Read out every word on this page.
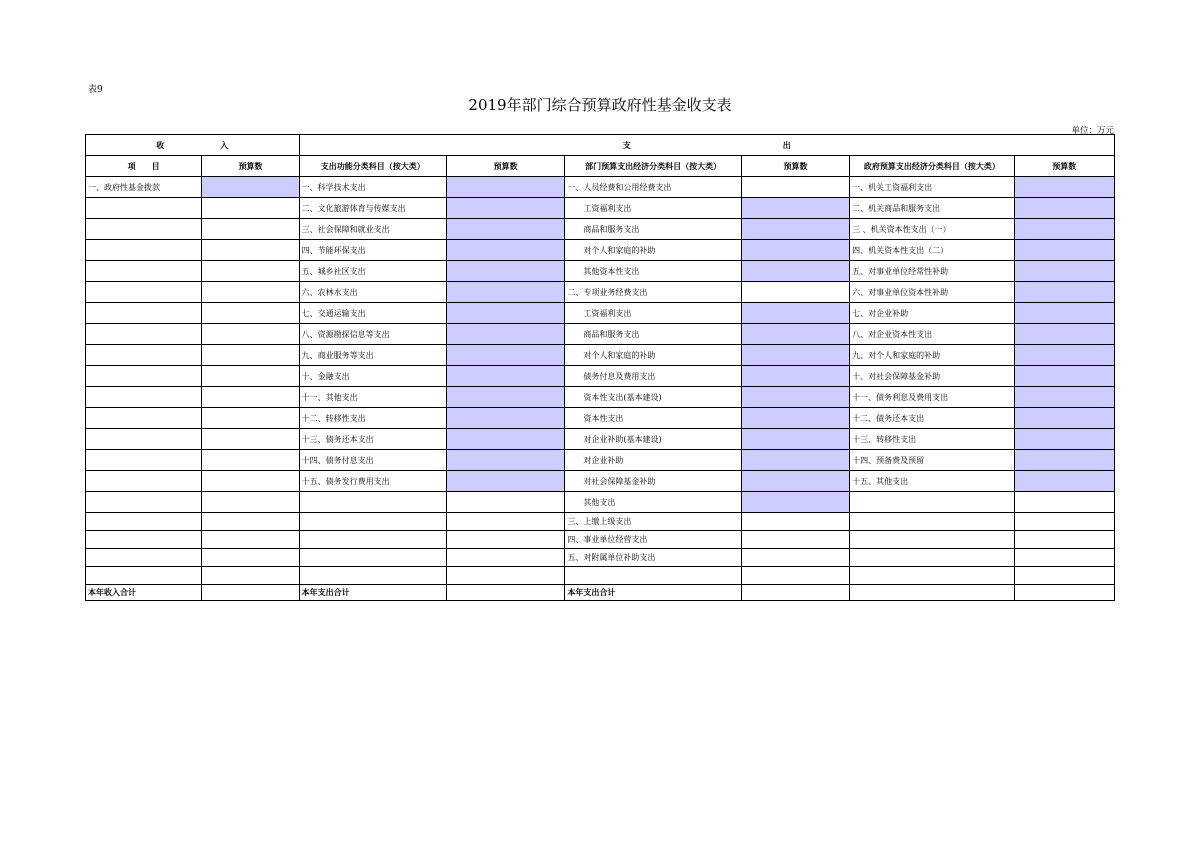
表9
2019年部门综合预算政府性基金收支表
单位：万元
收　　　　　　　入		支　　　　　　　　　　　　　　　　　　　出					
项　　目	预算数	支出功能分类科目（按大类）	预算数	部门预算支出经济分类科目（按大类）	预算数	政府预算支出经济分类科目（按大类）	预算数
一、政府性基金拨款		一、科学技术支出		一、人员经费和公用经费支出		一、机关工资福利支出	
		二、文化旅游体育与传媒支出		工资福利支出		二、机关商品和服务支出	
		三、社会保障和就业支出		商品和服务支出		三 、机关资本性支出（一）	
		四、节能环保支出		对个人和家庭的补助		四、机关资本性支出（二）	
		五、城乡社区支出		其他资本性支出		五、对事业单位经常性补助	
		六、农林水支出		二、专项业务经费支出		六、对事业单位资本性补助	
		七、交通运输支出		工资福利支出		七、对企业补助	
		八、资源勘探信息等支出		商品和服务支出		八、对企业资本性支出	
		九、商业服务等支出		对个人和家庭的补助		九、对个人和家庭的补助	
		十、金融支出		债务付息及费用支出		十、对社会保障基金补助	
		十一、其他支出		资本性支出(基本建设)		十一、债务利息及费用支出	
		十二、转移性支出		资本性支出		十二、债务还本支出	
		十三、债务还本支出		对企业补助(基本建设)		十三、转移性支出	
		十四、债务付息支出		对企业补助		十四、预备费及预留	
		十五、债务发行费用支出		对社会保障基金补助		十五、其他支出	
				其他支出			
				三、上缴上级支出			
				四、事业单位经营支出			
				五、对附属单位补助支出			

本年收入合计		本年支出合计		本年支出合计			
